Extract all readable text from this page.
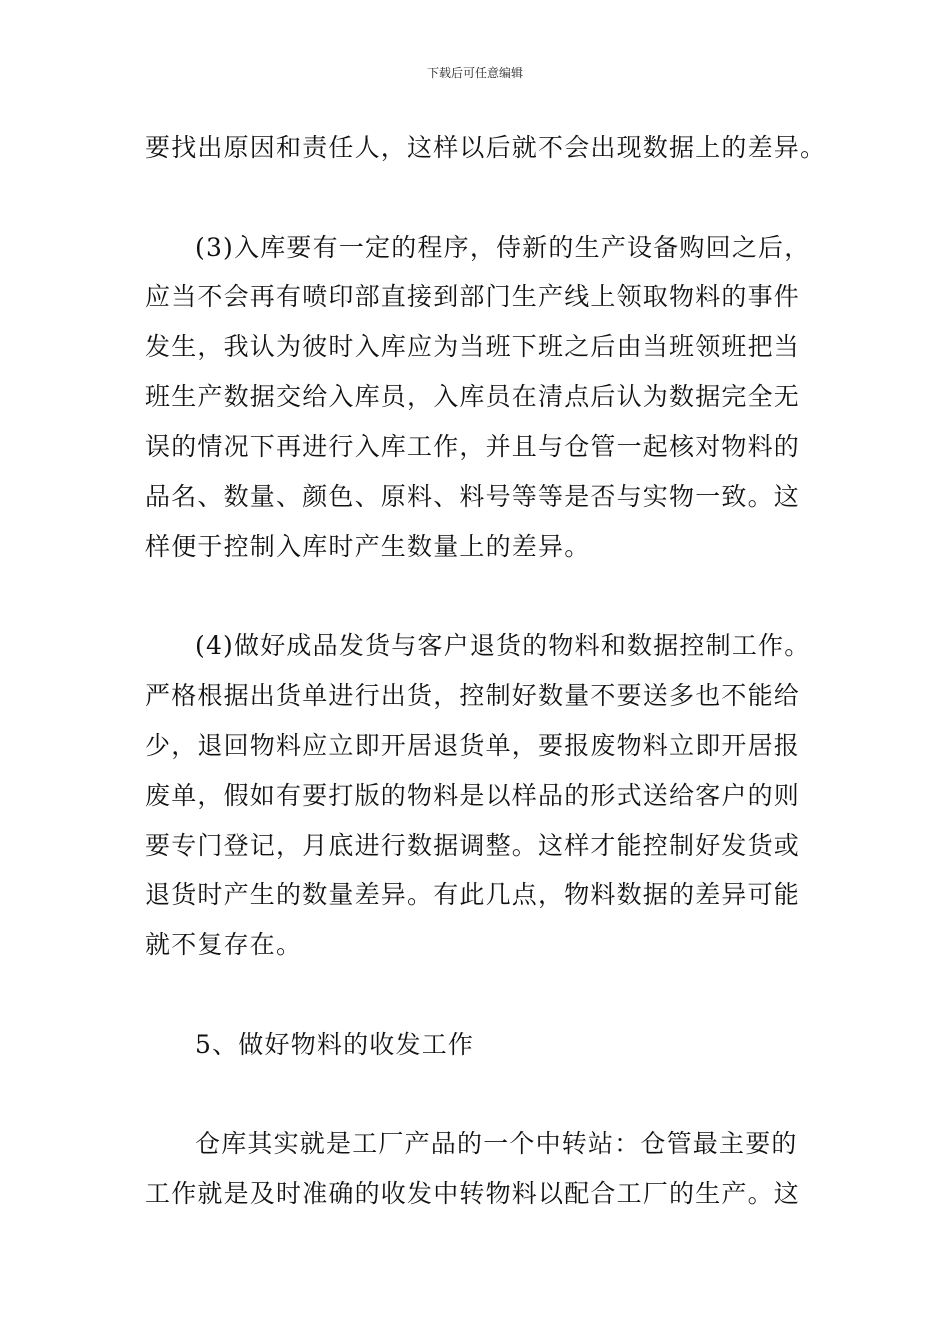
下载后可任意编辑
要找出原因和责任人，这样以后就不会出现数据上的差异。
(3)入库要有一定的程序，侍新的生产设备购回之后，
应当不会再有喷印部直接到部门生产线上领取物料的事件
发生，我认为彼时入库应为当班下班之后由当班领班把当
班生产数据交给入库员，入库员在清点后认为数据完全无
误的情况下再进行入库工作，并且与仓管一起核对物料的
品名、数量、颜色、原料、料号等等是否与实物一致。这
样便于控制入库时产生数量上的差异。
(4)做好成品发货与客户退货的物料和数据控制工作。
严格根据出货单进行出货，控制好数量不要送多也不能给
少，退回物料应立即开居退货单，要报废物料立即开居报
废单，假如有要打版的物料是以样品的形式送给客户的则
要专门登记，月底进行数据调整。这样才能控制好发货或
退货时产生的数量差异。有此几点，物料数据的差异可能
就不复存在。
5、做好物料的收发工作
仓库其实就是工厂产品的一个中转站：仓管最主要的
工作就是及时准确的收发中转物料以配合工厂的生产。这
